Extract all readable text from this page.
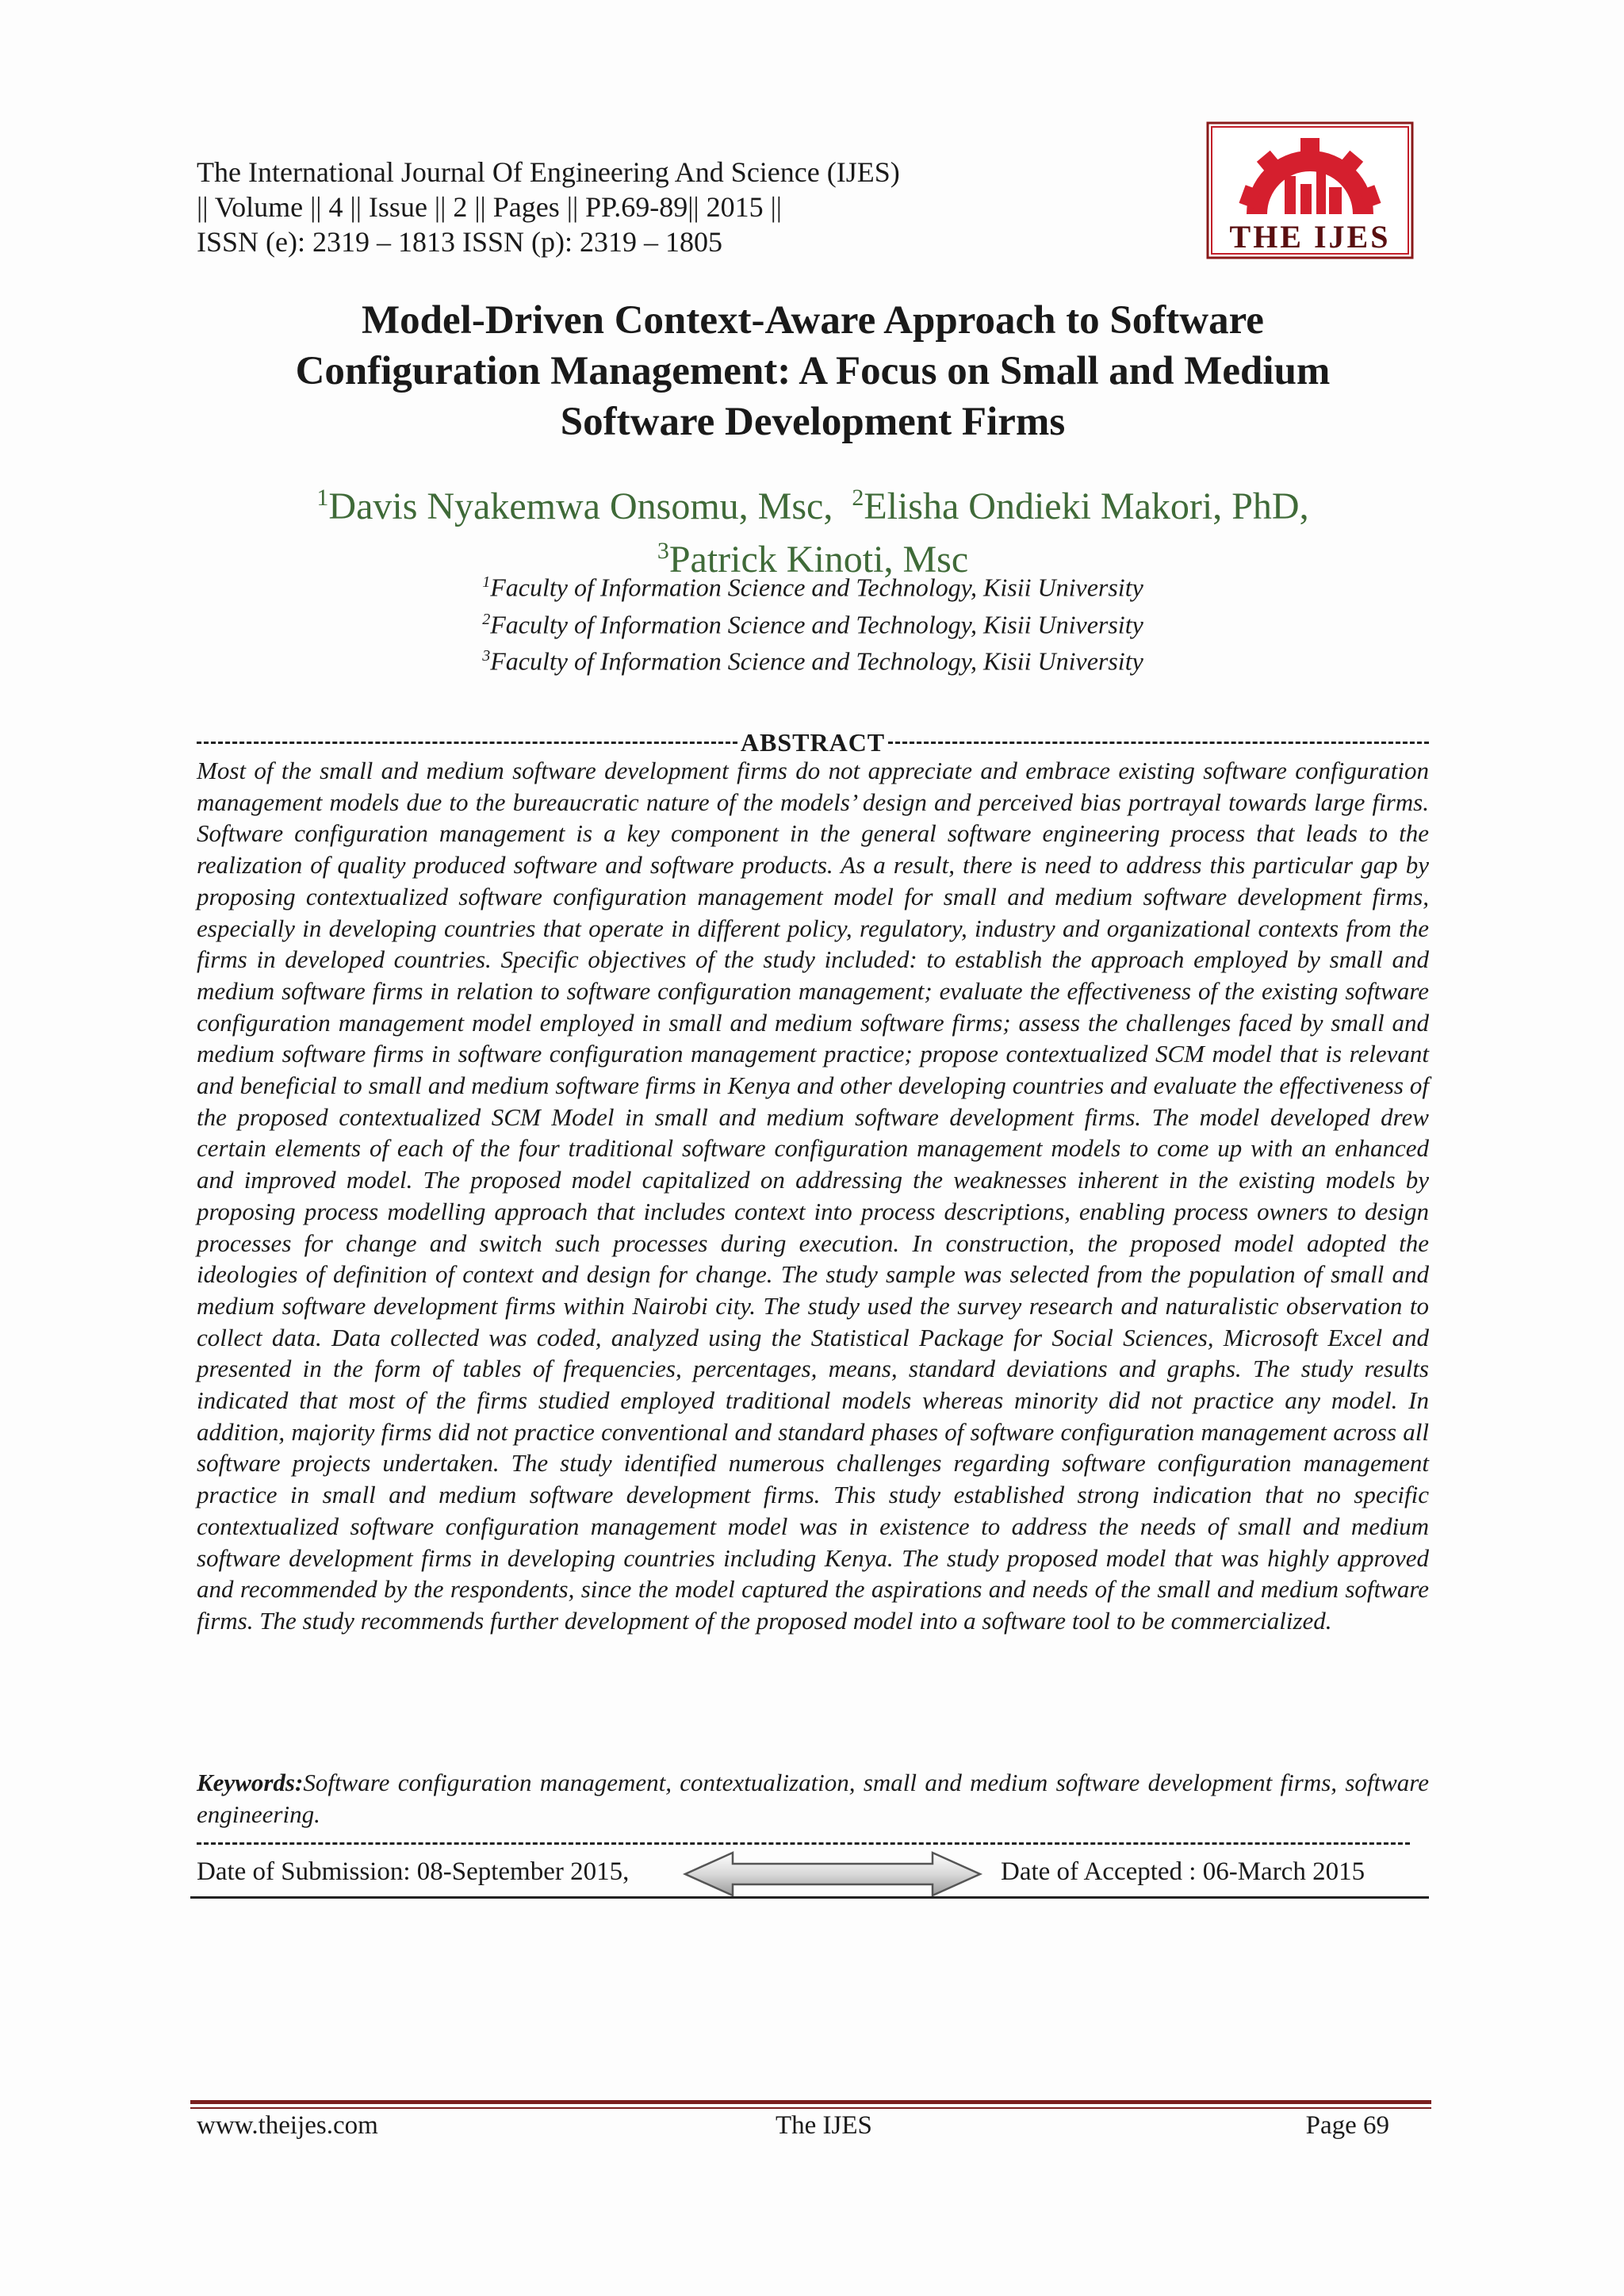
The International Journal Of Engineering And Science (IJES)
|| Volume || 4 || Issue || 2 || Pages || PP.69-89|| 2015 ||
ISSN (e): 2319 – 1813 ISSN (p): 2319 – 1805	THE IJES
Model-Driven Context-Aware Approach to Software
Configuration Management: A Focus on Small and Medium
Software Development Firms
$^1$Davis Nyakemwa Onsomu, Msc, $^2$Elisha Ondieki Makori, PhD,
$^3$Patrick Kinoti, Msc
$^1$Faculty of Information Science and Technology, Kisii University
$^2$Faculty of Information Science and Technology, Kisii University
$^3$Faculty of Information Science and Technology, Kisii University
ABSTRACT

Most of the small and medium software development firms do not appreciate and embrace existing software configuration management models due to the bureaucratic nature of the models’ design and perceived bias portrayal towards large firms. Software configuration management is a key component in the general software engineering process that leads to the realization of quality produced software and software products. As a result, there is need to address this particular gap by proposing contextualized software configuration management model for small and medium software development firms, especially in developing countries that operate in different policy, regulatory, industry and organizational contexts from the firms in developed countries. Specific objectives of the study included: to establish the approach employed by small and medium software firms in relation to software configuration management; evaluate the effectiveness of the existing software configuration management model employed in small and medium software firms; assess the challenges faced by small and medium software firms in software configuration management practice; propose contextualized SCM model that is relevant and beneficial to small and medium software firms in Kenya and other developing countries and evaluate the effectiveness of the proposed contextualized SCM Model in small and medium software development firms. The model developed drew certain elements of each of the four traditional software configuration management models to come up with an enhanced and improved model. The proposed model capitalized on addressing the weaknesses inherent in the existing models by proposing process modelling approach that includes context into process descriptions, enabling process owners to design processes for change and switch such processes during execution. In construction, the proposed model adopted the ideologies of definition of context and design for change. The study sample was selected from the population of small and medium software development firms within Nairobi city. The study used the survey research and naturalistic observation to collect data. Data collected was coded, analyzed using the Statistical Package for Social Sciences, Microsoft Excel and presented in the form of tables of frequencies, percentages, means, standard deviations and graphs. The study results indicated that most of the firms studied employed traditional models whereas minority did not practice any model. In addition, majority firms did not practice conventional and standard phases of software configuration management across all software projects undertaken. The study identified numerous challenges regarding software configuration management practice in small and medium software development firms. This study established strong indication that no specific contextualized software configuration management model was in existence to address the needs of small and medium software development firms in developing countries including Kenya. The study proposed model that was highly approved and recommended by the respondents, since the model captured the aspirations and needs of the small and medium software firms. The study recommends further development of the proposed model into a software tool to be commercialized.

Keywords:Software configuration management, contextualization, small and medium software development firms, software engineering.

Date of Submission: 08-September 2015,	Date of Accepted : 06-March 2015
www.theijes.com	The IJES	Page 69
